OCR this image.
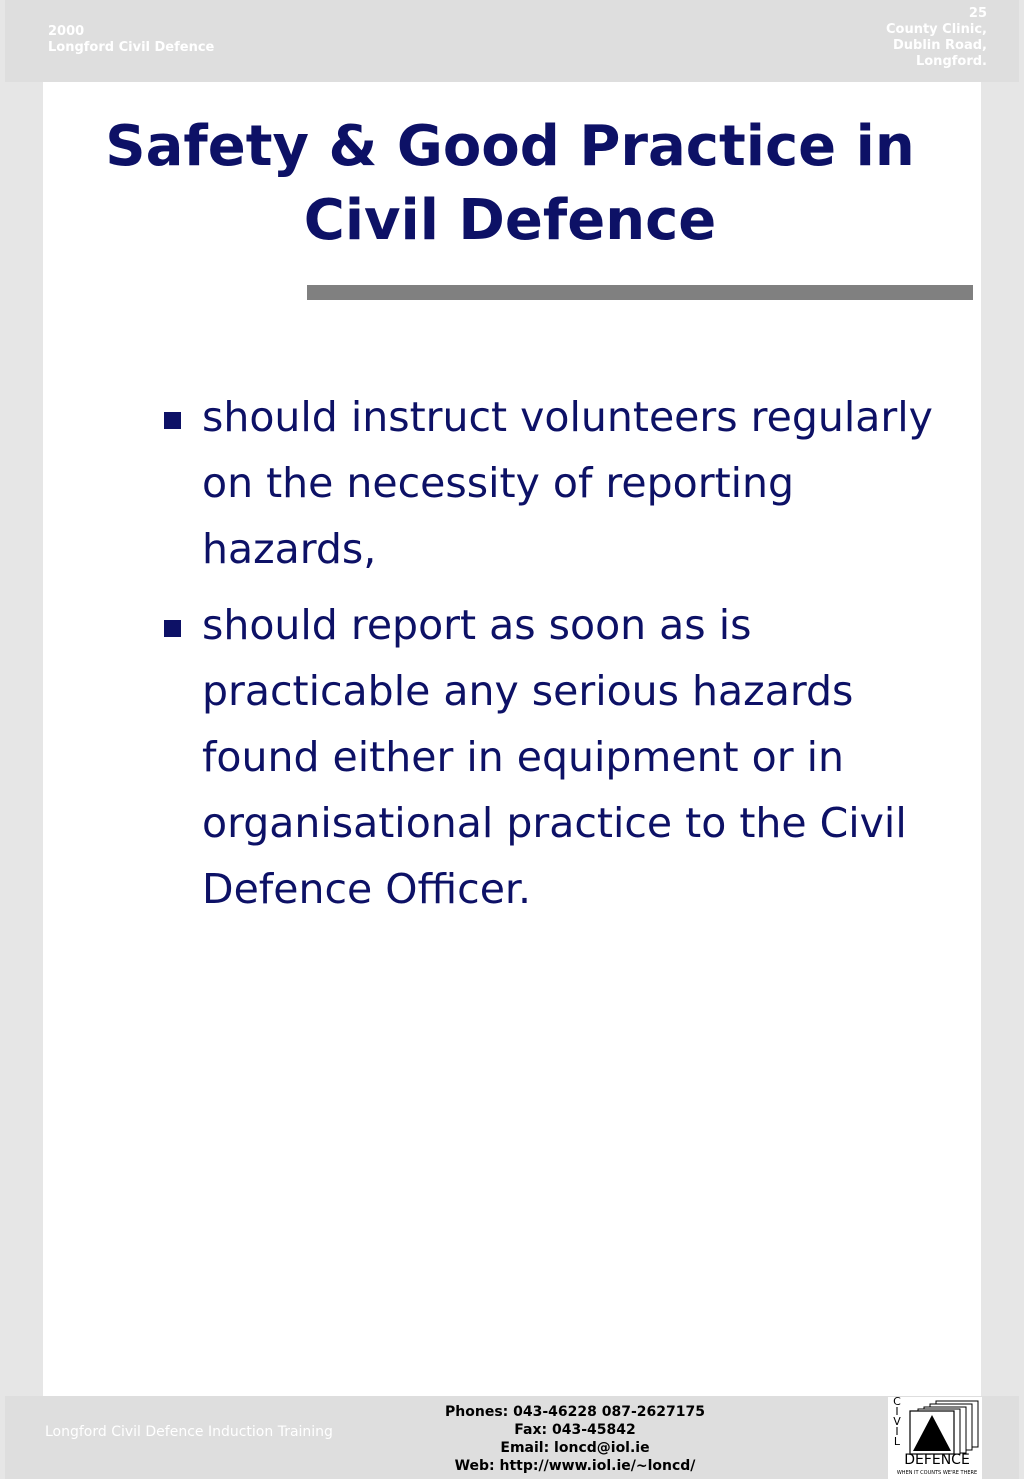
2000
Longford Civil Defence
25
County Clinic,
Dublin Road,
Longford.
Safety & Good Practice in
Civil Defence
should instruct volunteers regularly on the necessity of reporting hazards,
should report as soon as is practicable any serious hazards found either in equipment or in organisational practice to the Civil Defence Officer.
Longford Civil Defence Induction Training
Phones: 043-46228 087-2627175
Fax: 043-45842
Email: loncd@iol.ie
Web: http://www.iol.ie/~loncd/
C
I
V
I
L
DEFENCE
WHEN IT COUNTS WE'RE THERE
